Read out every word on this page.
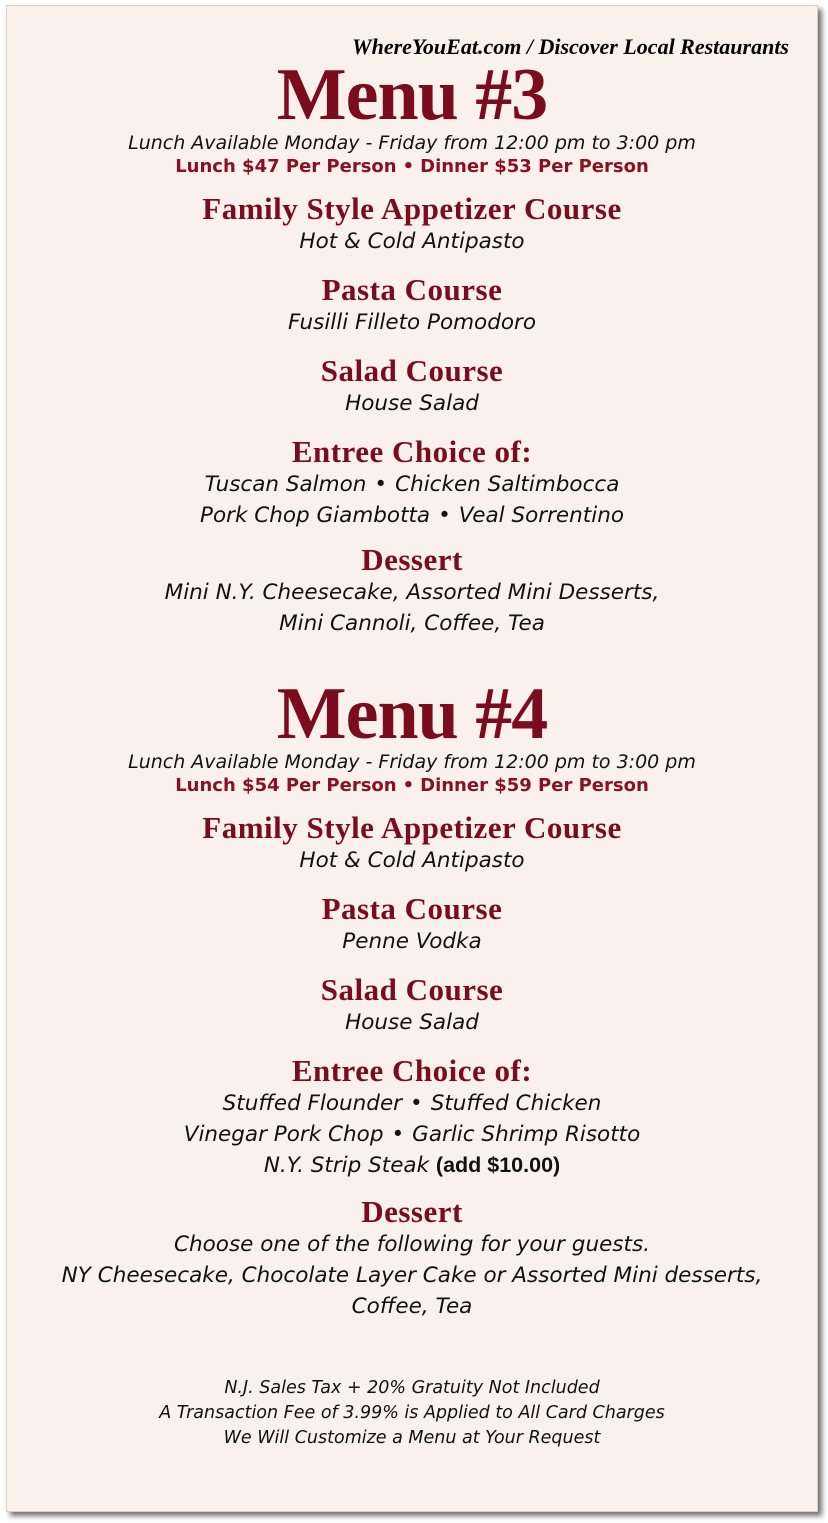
WhereYouEat.com / Discover Local Restaurants
Menu #3

Lunch Available Monday - Friday from 12:00 pm to 3:00 pm

Lunch $47 Per Person • Dinner $53 Per Person

Family Style Appetizer Course

Hot & Cold Antipasto

Pasta Course

Fusilli Filleto Pomodoro

Salad Course

House Salad

Entree Choice of:

Tuscan Salmon • Chicken Saltimbocca

Pork Chop Giambotta • Veal Sorrentino

Dessert

Mini N.Y. Cheesecake, Assorted Mini Desserts,

Mini Cannoli, Coffee, Tea

Menu #4

Lunch Available Monday - Friday from 12:00 pm to 3:00 pm

Lunch $54 Per Person • Dinner $59 Per Person

Family Style Appetizer Course

Hot & Cold Antipasto

Pasta Course

Penne Vodka

Salad Course

House Salad

Entree Choice of:

Stuffed Flounder • Stuffed Chicken

Vinegar Pork Chop • Garlic Shrimp Risotto

N.Y. Strip Steak (add $10.00)

Dessert

Choose one of the following for your guests.

NY Cheesecake, Chocolate Layer Cake or Assorted Mini desserts,

Coffee, Tea

N.J. Sales Tax + 20% Gratuity Not Included

A Transaction Fee of 3.99% is Applied to All Card Charges

We Will Customize a Menu at Your Request
